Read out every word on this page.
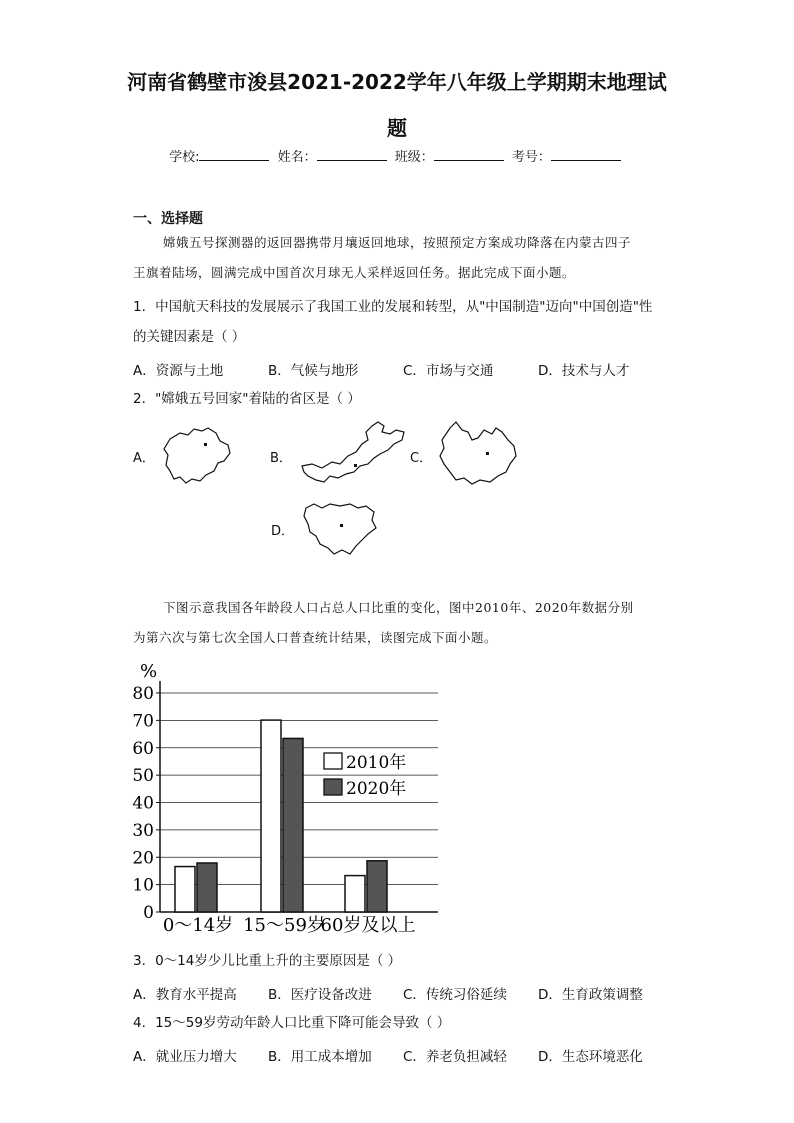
河南省鹤壁市浚县2021-2022学年八年级上学期期末地理试
题
学校:	姓名：	班级：	考号：
一、选择题
嫦娥五号探测器的返回器携带月壤返回地球，按照预定方案成功降落在内蒙古四子
王旗着陆场，圆满完成中国首次月球无人采样返回任务。据此完成下面小题。
1．中国航天科技的发展展示了我国工业的发展和转型，从"中国制造"迈向"中国创造"性
的关键因素是（ ）
A．资源与土地	B．气候与地形	C．市场与交通	D．技术与人才
2．"嫦娥五号回家"着陆的省区是（ ）
A．	B．	C．
D．
下图示意我国各年龄段人口占总人口比重的变化，图中2010年、2020年数据分别
为第六次与第七次全国人口普查统计结果，读图完成下面小题。
%
0
10
20
30
40
50
60
70
80
0～14岁 15～59岁
60岁及以上
2010年
2020年
3．0～14岁少儿比重上升的主要原因是（ ）
A．教育水平提高	B．医疗设备改进	C．传统习俗延续	D．生育政策调整
4．15～59岁劳动年龄人口比重下降可能会导致（ ）
A．就业压力增大	B．用工成本增加	C．养老负担减轻	D．生态环境恶化
